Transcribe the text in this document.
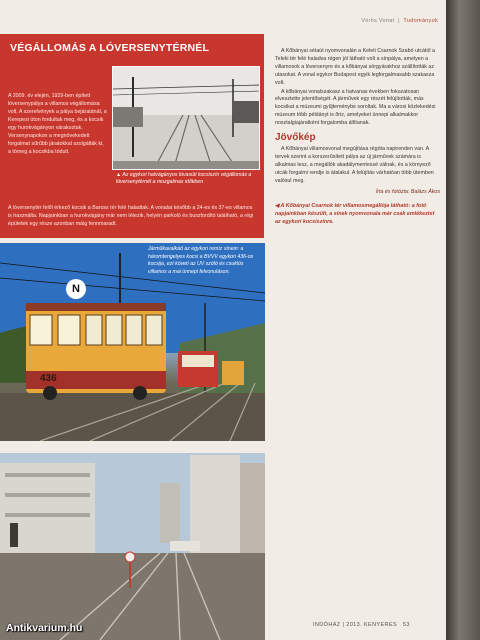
Vörös Vonat  |  Tudományok
VÉGÁLLOMÁS A LÓVERSENYTÉRNÉL
A 2009. év elején, 1929-ben épített lóversenypálya a villamos végállomása volt. A szerelvények a pálya bejáratánál, a Kerepesi úton fordultak meg, és a kocsik egy hurokvágányon várakoztak. Versenynapokon a megnövekedett forgalmat sűrűbb járatokkal szolgálták ki, a tömeg a kocsikba tódult.
A lóversenytér felől érkező kocsik a Baross tér felé haladtak. A vonalat később a 24-es és 37-es villamos is használta. Napjainkban a hurokvágány már nem létezik, helyén parkoló és buszfordító található, a régi épületek egy része azonban máig fennmaradt.
▲ Az egykori hatvágányos lóvasúti kocsiszín végállomás a lóversenytérnél a mozgalmas időkben

A Kőbányai sétaút nyomvonalán a Keleti Csarnok Szabó utcától a Teleki tér felé haladva régen jól látható volt a sínpálya, amelyen a villamosok a lóversenyre és a kőbányai sörgyárakhoz szállították az utasokat. A vonal egykor Budapest egyik legforgalmasabb szakasza volt.

A kőbányai vonalszakasz a hatvanas években fokozatosan elvesztette jelentőségét. A járművek egy részét felújították, más kocsikat a múzeumi gyűjteménybe soroltak. Ma a városi közlekedési múzeum több példányt is őriz, amelyeket ünnepi alkalmakkor nosztalgiajáratként forgalomba állítanak.

Jövőkép

A Kőbányai villamosvonal megújítása régóta napirenden van. A tervek szerint a korszerűsített pálya az új járművek számára is alkalmas lesz, a megállók akadálymentessé válnak, és a környező utcák forgalmi rendje is átalakul. A felújítás várhatóan több ütemben valósul meg.

Írta és fotózta: Balázs Ákos
◀ A Kőbányai Csarnok tér villamosmegállója látható: a fotó napjainkban készült, a sínek nyomvonala már csak emlékeztet az egykori kocsiszínre.
N
436
Járműkavalkád az egykori remíz sínein: a háromtengelyes kocsi a BVVV egykori 436-os kocsija, ezt követi az UV szóló és csuklós villamos a mai ünnepi felvonuláson.
INDÓHÁZ | 2013. KENYERES 53
Antikvarium.hu
